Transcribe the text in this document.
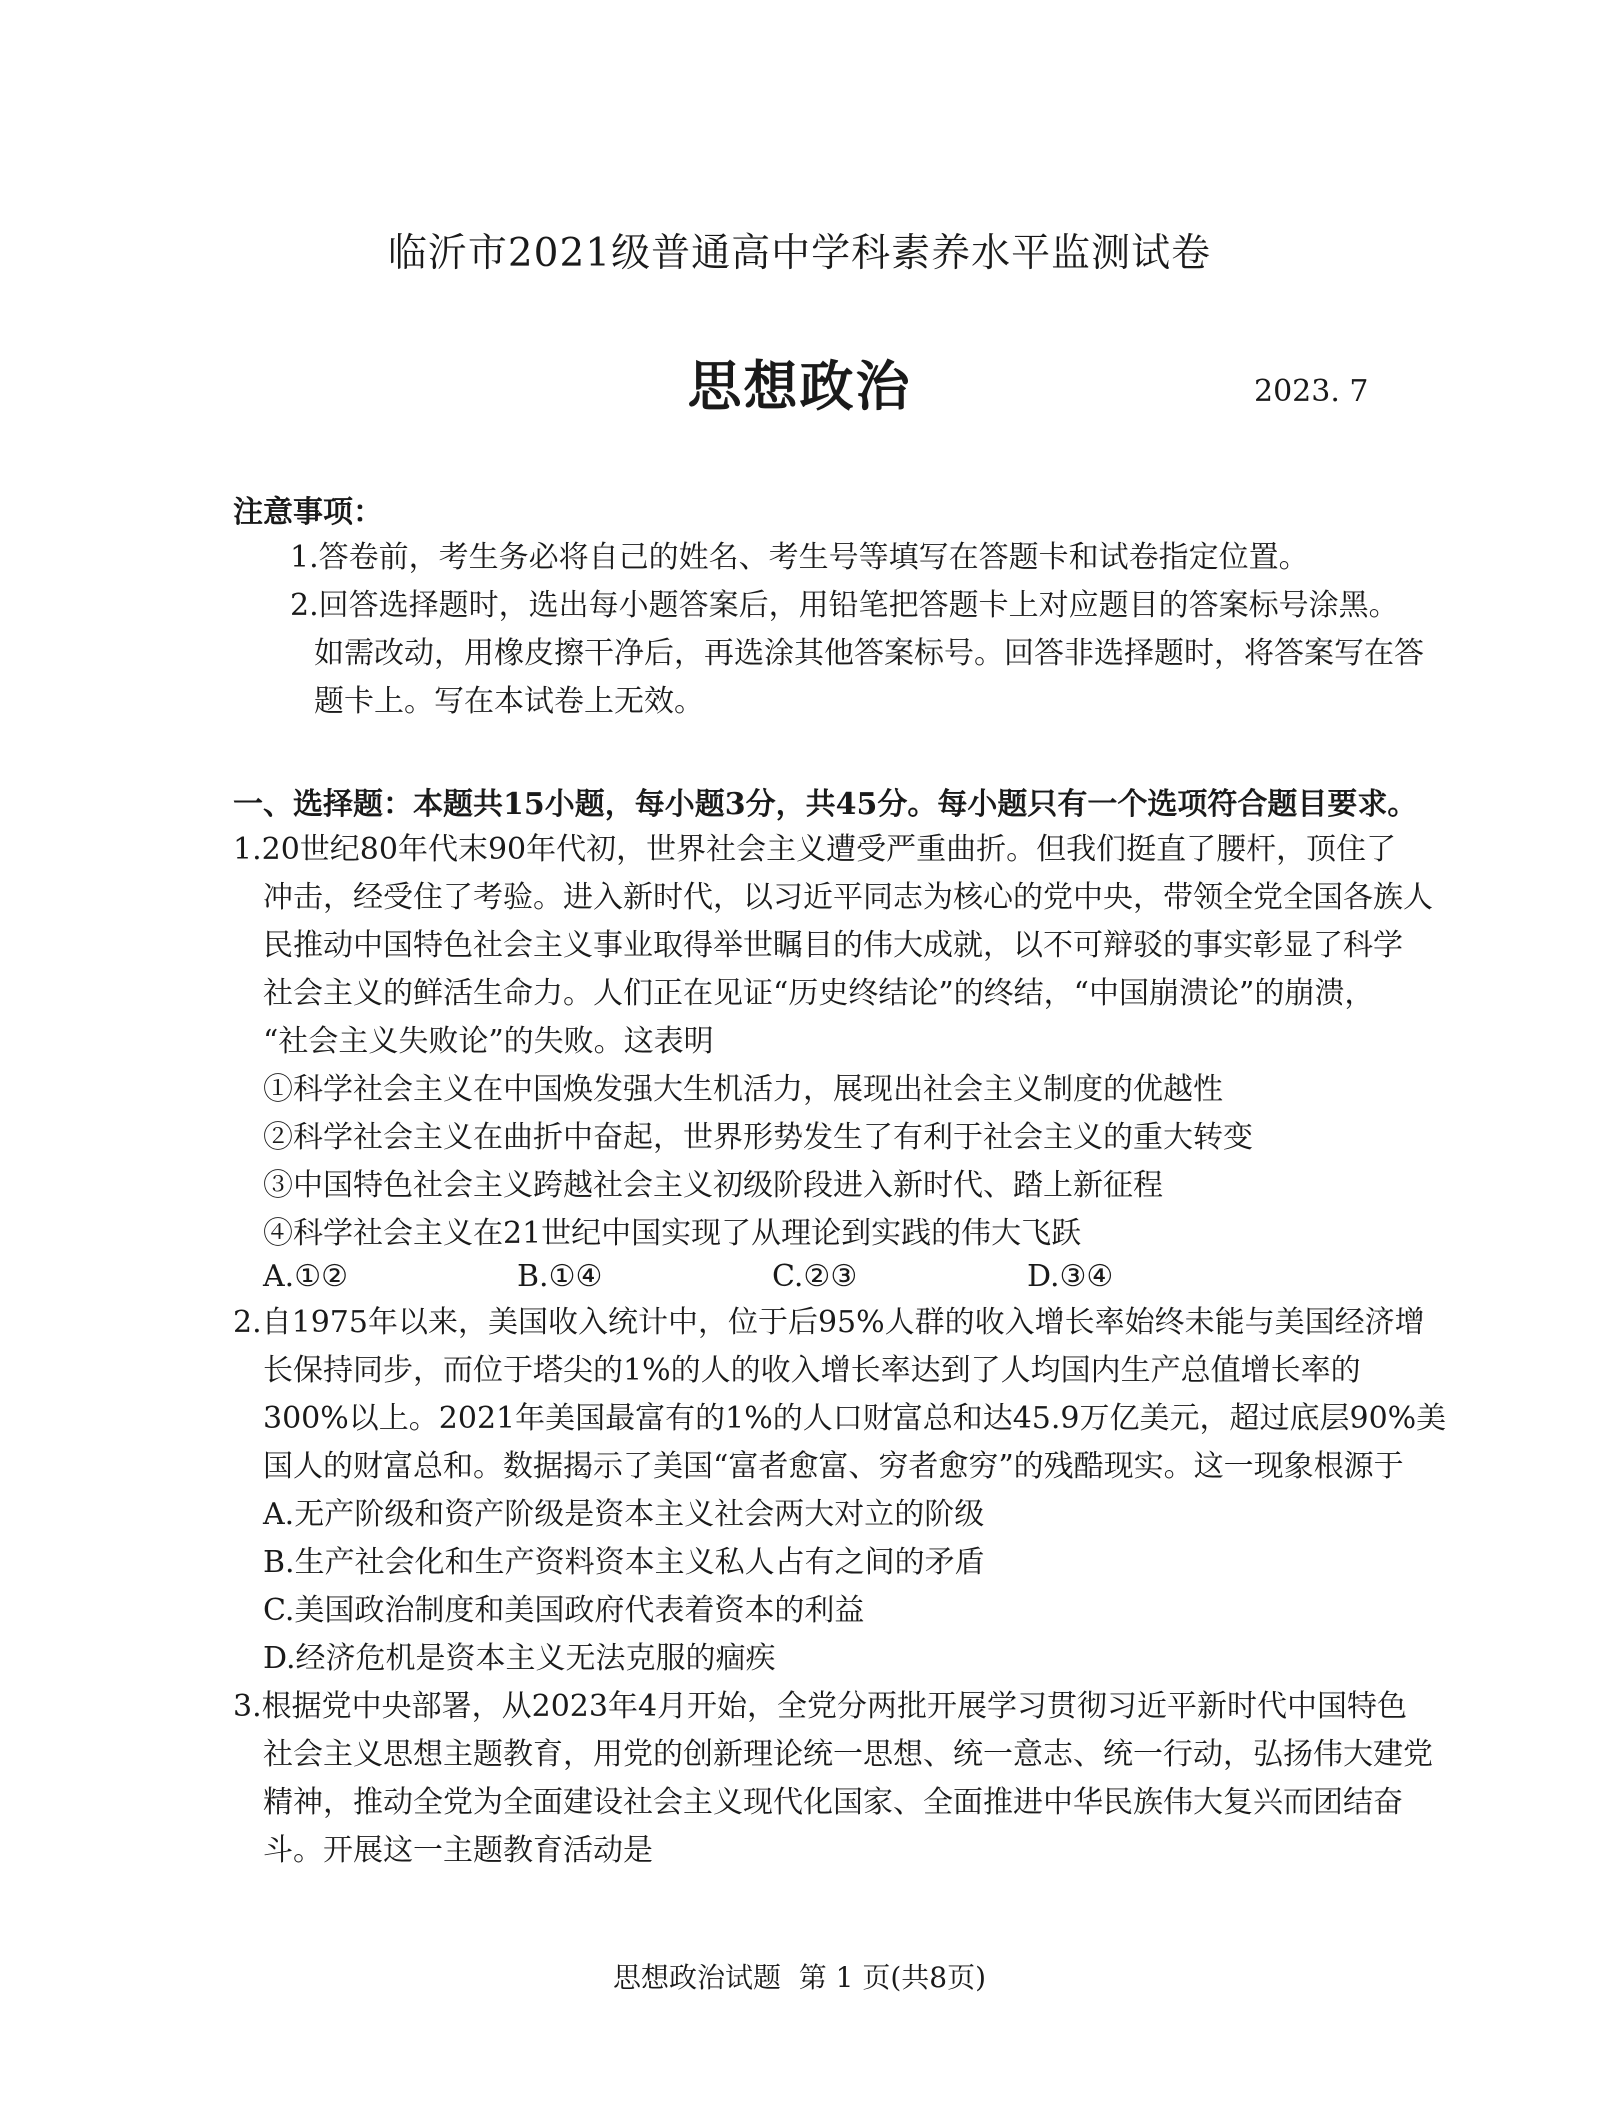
临沂市2021级普通高中学科素养水平监测试卷
思想政治	2023. 7
注意事项：
1.答卷前，考生务必将自己的姓名、考生号等填写在答题卡和试卷指定位置。
2.回答选择题时，选出每小题答案后，用铅笔把答题卡上对应题目的答案标号涂黑。
如需改动，用橡皮擦干净后，再选涂其他答案标号。回答非选择题时，将答案写在答
题卡上。写在本试卷上无效。
一、选择题：本题共15小题，每小题3分，共45分。每小题只有一个选项符合题目要求。
1.20世纪80年代末90年代初，世界社会主义遭受严重曲折。但我们挺直了腰杆，顶住了
冲击，经受住了考验。进入新时代，以习近平同志为核心的党中央，带领全党全国各族人
民推动中国特色社会主义事业取得举世瞩目的伟大成就，以不可辩驳的事实彰显了科学
社会主义的鲜活生命力。人们正在见证“历史终结论”的终结，“中国崩溃论”的崩溃，
“社会主义失败论”的失败。这表明
①科学社会主义在中国焕发强大生机活力，展现出社会主义制度的优越性
②科学社会主义在曲折中奋起，世界形势发生了有利于社会主义的重大转变
③中国特色社会主义跨越社会主义初级阶段进入新时代、踏上新征程
④科学社会主义在21世纪中国实现了从理论到实践的伟大飞跃
A.①②	B.①④	C.②③	D.③④
2.自1975年以来，美国收入统计中，位于后95%人群的收入增长率始终未能与美国经济增
长保持同步，而位于塔尖的1%的人的收入增长率达到了人均国内生产总值增长率的
300%以上。2021年美国最富有的1%的人口财富总和达45.9万亿美元，超过底层90%美
国人的财富总和。数据揭示了美国“富者愈富、穷者愈穷”的残酷现实。这一现象根源于
A.无产阶级和资产阶级是资本主义社会两大对立的阶级
B.生产社会化和生产资料资本主义私人占有之间的矛盾
C.美国政治制度和美国政府代表着资本的利益
D.经济危机是资本主义无法克服的痼疾
3.根据党中央部署，从2023年4月开始，全党分两批开展学习贯彻习近平新时代中国特色
社会主义思想主题教育，用党的创新理论统一思想、统一意志、统一行动，弘扬伟大建党
精神，推动全党为全面建设社会主义现代化国家、全面推进中华民族伟大复兴而团结奋
斗。开展这一主题教育活动是
思想政治试题  第 1 页(共8页)
